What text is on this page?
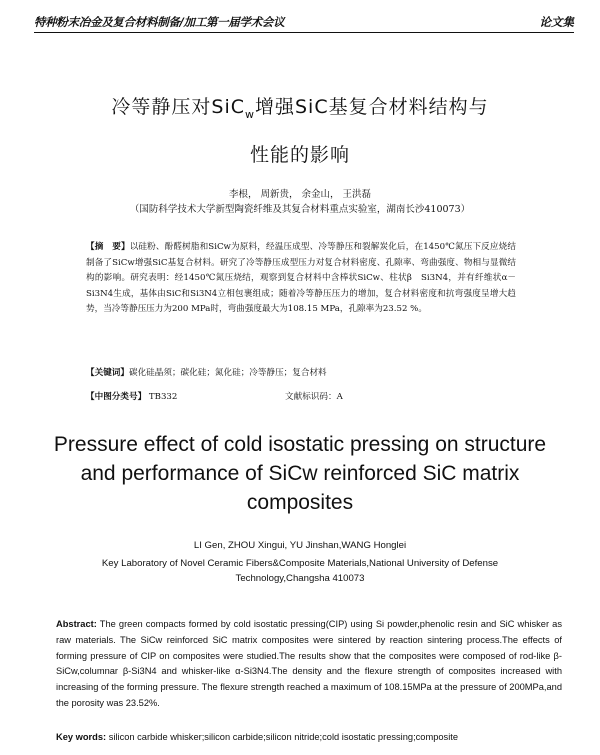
特种粉末冶金及复合材料制备/加工第一届学术会议	论文集
冷等静压对SiC$_w$增强SiC基复合材料结构与
性能的影响
李根， 周新贵， 余金山， 王洪磊
（国防科学技术大学新型陶瓷纤维及其复合材料重点实验室，湖南长沙410073）
【摘　要】以硅粉、酚醛树脂和SiCw为原料，经温压成型、冷等静压和裂解炭化后，在1450℃氮压下反应烧结制备了SiCw增强SiC基复合材料。研究了冷等静压成型压力对复合材料密度、孔隙率、弯曲强度、物相与显微结构的影响。研究表明：经1450℃氮压烧结，观察到复合材料中含棒状SiCw、柱状β　Si3N4，并有纤维状α－Si3N4生成，基体由SiC和Si3N4立相包裹组成；随着冷等静压压力的增加，复合材料密度和抗弯强度呈增大趋势，当冷等静压压力为200 MPa时，弯曲强度最大为108.15 MPa，孔隙率为23.52 %。
【关键词】碳化硅晶须；碳化硅；氮化硅；冷等静压；复合材料
【中图分类号】 TB332	文献标识码：A
Pressure effect of cold isostatic pressing on structure and performance of SiCw reinforced SiC matrix composites
LI Gen, ZHOU Xingui, YU Jinshan,WANG Honglei
Key Laboratory of Novel Ceramic Fibers&Composite Materials,National University of Defense Technology,Changsha 410073
Abstract: The green compacts formed by cold isostatic pressing(CIP) using Si powder,phenolic resin and SiC whisker as raw materials. The SiCw reinforced SiC matrix composites were sintered by reaction sintering process.The effects of forming pressure of CIP on composites were studied.The results show that the composites were composed of rod-like β-SiCw,columnar β-Si3N4 and whisker-like α-Si3N4.The density and the flexure strength of composites increased with increasing of the forming pressure. The flexure strength reached a maximum of 108.15MPa at the pressure of 200MPa,and the porosity was 23.52%.
Key words: silicon carbide whisker;silicon carbide;silicon nitride;cold isostatic pressing;composite
